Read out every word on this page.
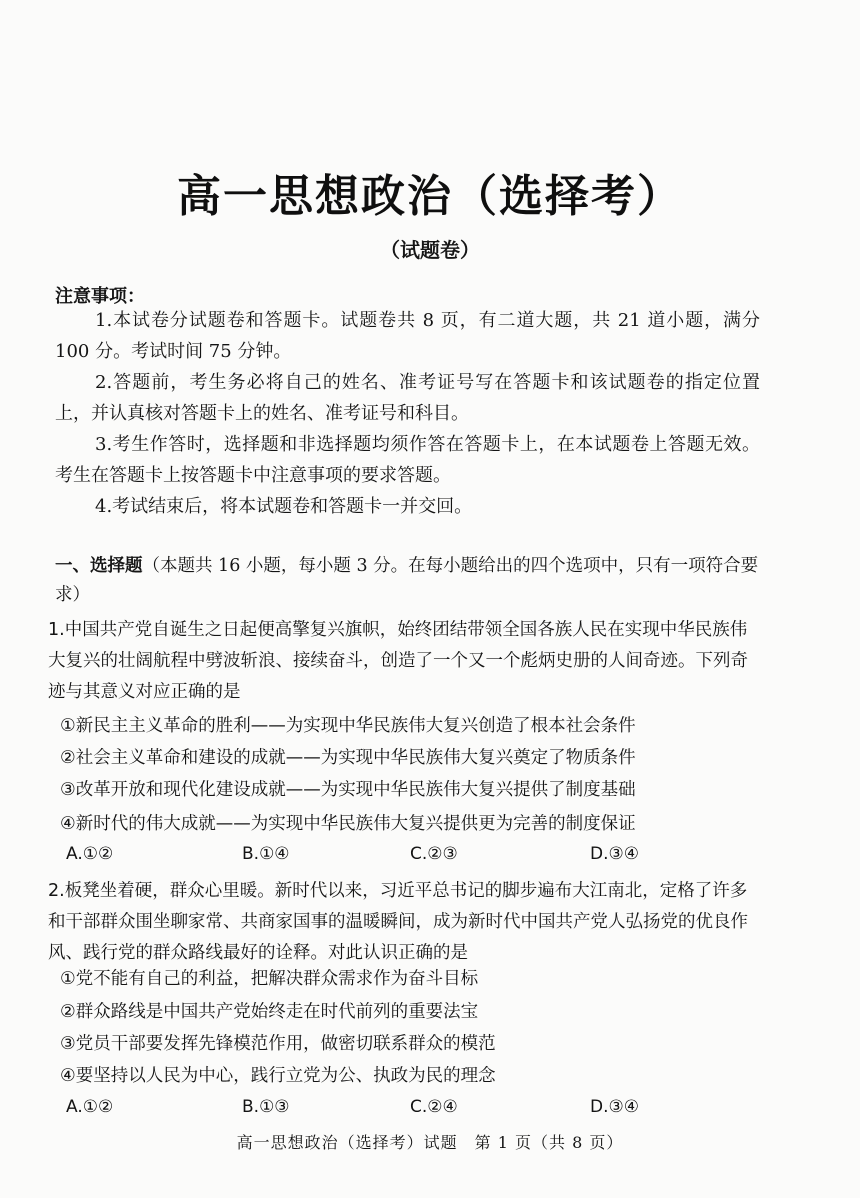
高一思想政治（选择考）
（试题卷）
注意事项：
1.本试卷分试题卷和答题卡。试题卷共 8 页，有二道大题，共 21 道小题，满分 100 分。考试时间 75 分钟。
2.答题前，考生务必将自己的姓名、准考证号写在答题卡和该试题卷的指定位置上，并认真核对答题卡上的姓名、准考证号和科目。
3.考生作答时，选择题和非选择题均须作答在答题卡上，在本试题卷上答题无效。考生在答题卡上按答题卡中注意事项的要求答题。
4.考试结束后，将本试题卷和答题卡一并交回。
一、选择题（本题共 16 小题，每小题 3 分。在每小题给出的四个选项中，只有一项符合要求）
1.中国共产党自诞生之日起便高擎复兴旗帜，始终团结带领全国各族人民在实现中华民族伟大复兴的壮阔航程中劈波斩浪、接续奋斗，创造了一个又一个彪炳史册的人间奇迹。下列奇迹与其意义对应正确的是
①新民主主义革命的胜利——为实现中华民族伟大复兴创造了根本社会条件
②社会主义革命和建设的成就——为实现中华民族伟大复兴奠定了物质条件
③改革开放和现代化建设成就——为实现中华民族伟大复兴提供了制度基础
④新时代的伟大成就——为实现中华民族伟大复兴提供更为完善的制度保证
A.①②	B.①④	C.②③	D.③④
2.板凳坐着硬，群众心里暖。新时代以来，习近平总书记的脚步遍布大江南北，定格了许多和干部群众围坐聊家常、共商家国事的温暖瞬间，成为新时代中国共产党人弘扬党的优良作风、践行党的群众路线最好的诠释。对此认识正确的是
①党不能有自己的利益，把解决群众需求作为奋斗目标
②群众路线是中国共产党始终走在时代前列的重要法宝
③党员干部要发挥先锋模范作用，做密切联系群众的模范
④要坚持以人民为中心，践行立党为公、执政为民的理念
A.①②	B.①③	C.②④	D.③④
高一思想政治（选择考）试题　第 1 页（共 8 页）
